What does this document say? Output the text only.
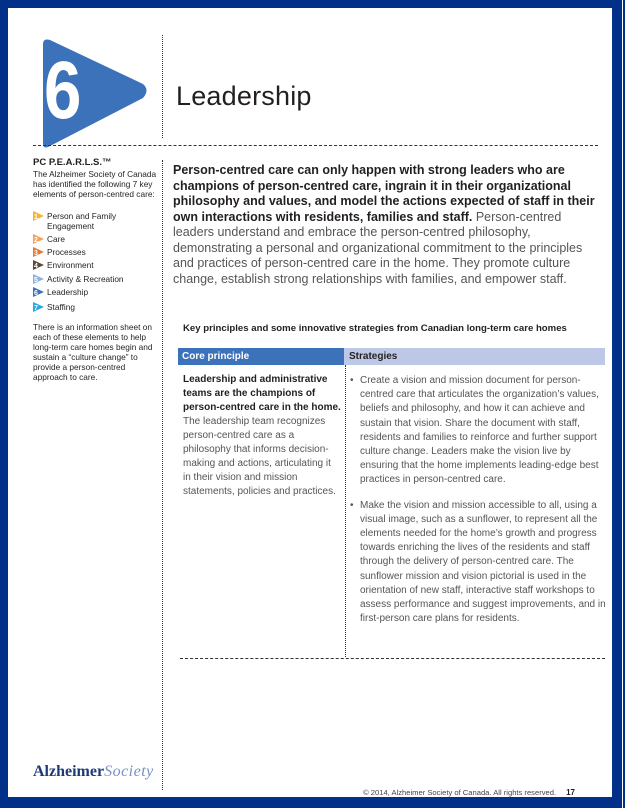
6	Leadership
PC P.E.A.R.L.S.™

The Alzheimer Society of Canada has identified the following 7 key elements of person-centred care:

1 Person and Family Engagement
2 Care
3 Processes
4 Environment
5 Activity & Recreation
6 Leadership
7 Staffing

There is an information sheet on each of these elements to help long-term care homes begin and sustain a “culture change” to provide a person-centred approach to care.

Person-centred care can only happen with strong leaders who are champions of person-centred care, ingrain it in their organizational philosophy and values, and model the actions expected of staff in their own interactions with residents, families and staff. Person-centred leaders understand and embrace the person-centred philosophy, demonstrating a personal and organizational commitment to the principles and practices of person-centred care in the home. They promote culture change, establish strong relationships with families, and empower staff.
Key principles and some innovative strategies from Canadian long-term care homes
Core principle	Strategies
Leadership and administrative teams are the champions of person-centred care in the home. The leadership team recognizes person-centred care as a philosophy that informs decision-making and actions, articulating it in their vision and mission statements, policies and practices.
• Create a vision and mission document for person-centred care that articulates the organization’s values, beliefs and philosophy, and how it can achieve and sustain that vision. Share the document with staff, residents and families to reinforce and further support culture change. Leaders make the vision live by ensuring that the home implements leading-edge best practices in person-centred care.
• Make the vision and mission accessible to all, using a visual image, such as a sunflower, to represent all the elements needed for the home’s growth and progress towards enriching the lives of the residents and staff through the delivery of person-centred care. The sunflower mission and vision pictorial is used in the orientation of new staff, interactive staff workshops to assess performance and suggest improvements, and in first-person care plans for residents.
AlzheimerSociety
© 2014, Alzheimer Society of Canada. All rights reserved. 17
